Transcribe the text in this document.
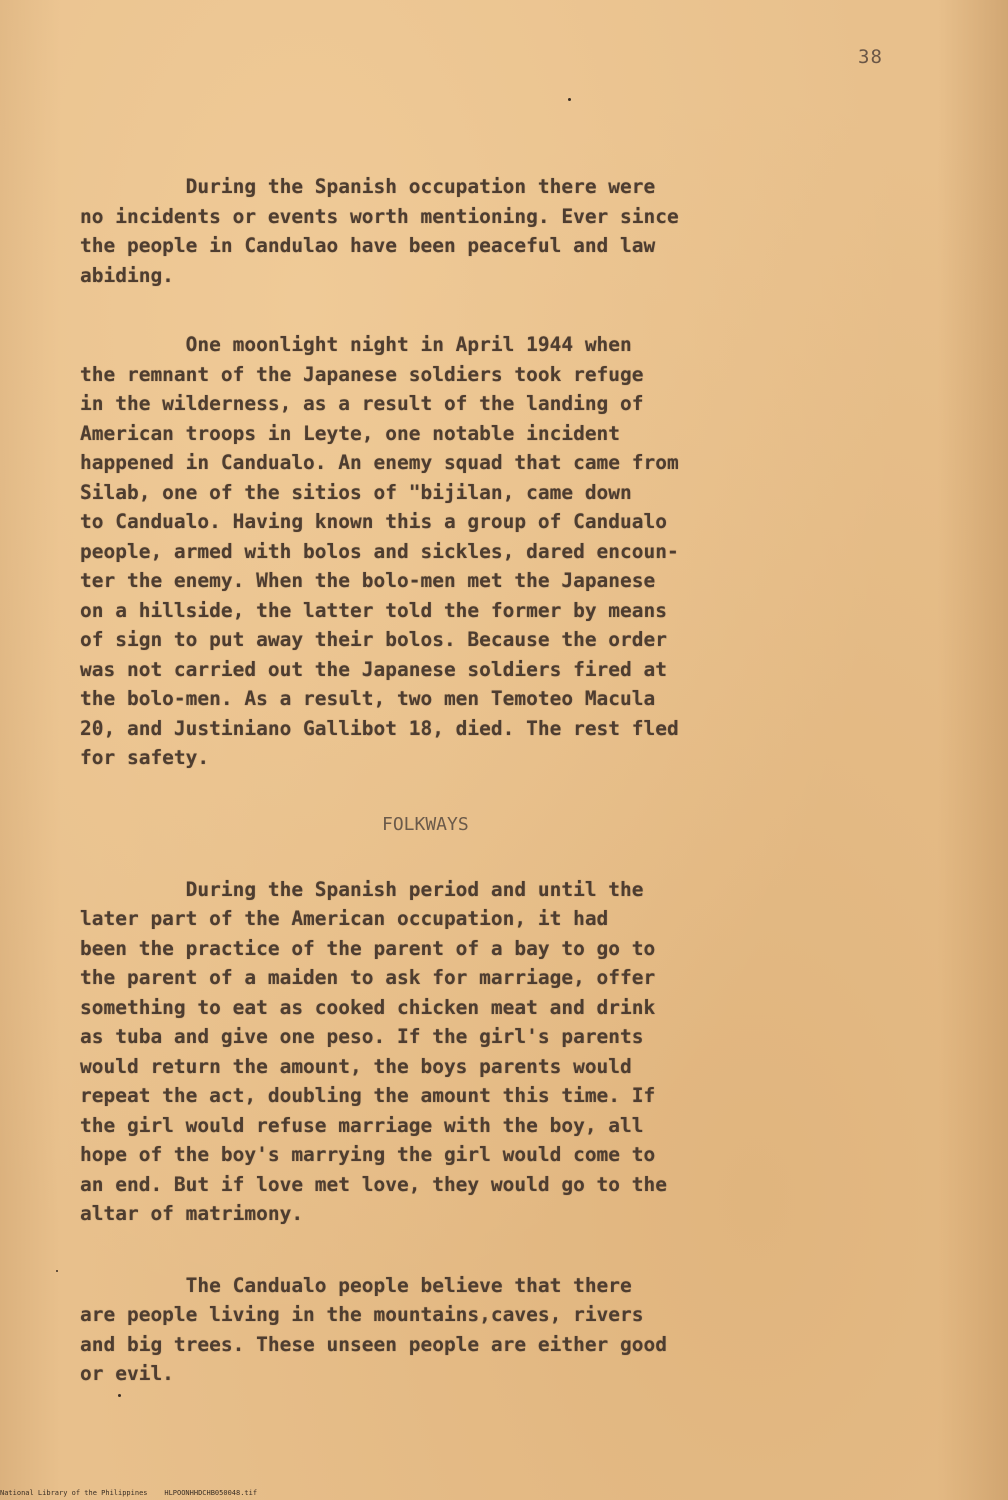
38

During the Spanish occupation there were
no incidents or events worth mentioning. Ever since
the people in Candulao have been peaceful and law
abiding.

One moonlight night in April 1944 when
the remnant of the Japanese soldiers took refuge
in the wilderness, as a result of the landing of
American troops in Leyte, one notable incident
happened in Candualo. An enemy squad that came from
Silab, one of the sitios of "bijilan, came down
to Candualo. Having known this a group of Candualo
people, armed with bolos and sickles, dared encoun-
ter the enemy. When the bolo-men met the Japanese
on a hillside, the latter told the former by means
of sign to put away their bolos. Because the order
was not carried out the Japanese soldiers fired at
the bolo-men. As a result, two men Temoteo Macula
20, and Justiniano Gallibot 18, died. The rest fled
for safety.

FOLKWAYS

During the Spanish period and until the
later part of the American occupation, it had
been the practice of the parent of a bay to go to
the parent of a maiden to ask for marriage, offer
something to eat as cooked chicken meat and drink
as tuba and give one peso. If the girl's parents
would return the amount, the boys parents would
repeat the act, doubling the amount this time. If
the girl would refuse marriage with the boy, all
hope of the boy's marrying the girl would come to
an end. But if love met love, they would go to the
altar of matrimony.

The Candualo people believe that there
are people living in the mountains,caves, rivers
and big trees. These unseen people are either good
or evil.

National Library of the Philippines    HLPOONHHDCHB050048.tif
